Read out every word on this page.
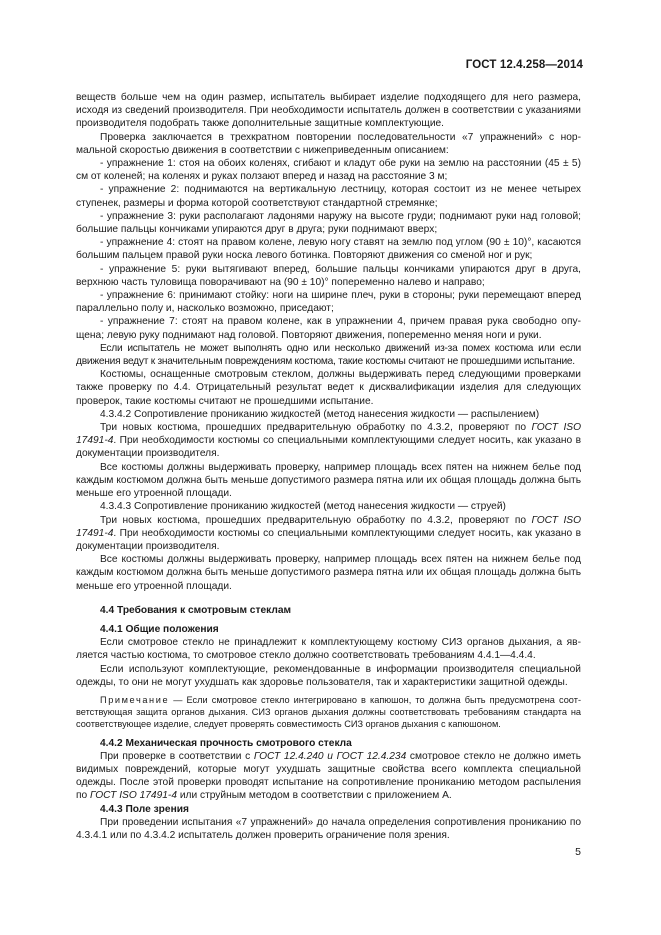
ГОСТ 12.4.258—2014

веществ больше чем на один размер, испытатель выбирает изделие подходящего для него размера, исходя из сведений производителя. При необходимости испытатель должен в соответствии с указаниями производителя подобрать также дополнительные защитные комплектующие.

Проверка заключается в трехкратном повторении последовательности «7 упражнений» с нормальной скоростью движения в соответствии с нижеприведенным описанием:

- упражнение 1: стоя на обоих коленях, сгибают и кладут обе руки на землю на расстоянии (45 ± 5) см от коленей; на коленях и руках ползают вперед и назад на расстояние 3 м;

- упражнение 2: поднимаются на вертикальную лестницу, которая состоит из не менее четырех ступенек, размеры и форма которой соответствуют стандартной стремянке;

- упражнение 3: руки располагают ладонями наружу на высоте груди; поднимают руки над головой; большие пальцы кончиками упираются друг в друга; руки поднимают вверх;

- упражнение 4: стоят на правом колене, левую ногу ставят на землю под углом (90 ± 10)°, касаются большим пальцем правой руки носка левого ботинка. Повторяют движения со сменой ног и рук;

- упражнение 5: руки вытягивают вперед, большие пальцы кончиками упираются друг в друга, верхнюю часть туловища поворачивают на (90 ± 10)° попеременно налево и направо;

- упражнение 6: принимают стойку: ноги на ширине плеч, руки в стороны; руки перемещают вперед параллельно полу и, насколько возможно, приседают;

- упражнение 7: стоят на правом колене, как в упражнении 4, причем правая рука свободно опущена; левую руку поднимают над головой. Повторяют движения, попеременно меняя ноги и руки.

Если испытатель не может выполнять одно или несколько движений из-за помех костюма или если движения ведут к значительным повреждениям костюма, такие костюмы считают не прошедшими испытание.

Костюмы, оснащенные смотровым стеклом, должны выдерживать перед следующими проверками также проверку по 4.4. Отрицательный результат ведет к дисквалификации изделия для следующих проверок, такие костюмы считают не прошедшими испытание.

4.3.4.2 Сопротивление прониканию жидкостей (метод нанесения жидкости — распылением)

Три новых костюма, прошедших предварительную обработку по 4.3.2, проверяют по ГОСТ ISO 17491-4. При необходимости костюмы со специальными комплектующими следует носить, как указано в документации производителя.

Все костюмы должны выдерживать проверку, например площадь всех пятен на нижнем белье под каждым костюмом должна быть меньше допустимого размера пятна или их общая площадь должна быть меньше его утроенной площади.

4.3.4.3 Сопротивление прониканию жидкостей (метод нанесения жидкости — струей)

Три новых костюма, прошедших предварительную обработку по 4.3.2, проверяют по ГОСТ ISO 17491-4. При необходимости костюмы со специальными комплектующими следует носить, как указано в документации производителя.

Все костюмы должны выдерживать проверку, например площадь всех пятен на нижнем белье под каждым костюмом должна быть меньше допустимого размера пятна или их общая площадь должна быть меньше его утроенной площади.

4.4 Требования к смотровым стеклам

4.4.1 Общие положения

Если смотровое стекло не принадлежит к комплектующему костюму СИЗ органов дыхания, а является частью костюма, то смотровое стекло должно соответствовать требованиям 4.4.1—4.4.4.

Если используют комплектующие, рекомендованные в информации производителя специальной одежды, то они не могут ухудшать как здоровье пользователя, так и характеристики защитной одежды.

Примечание — Если смотровое стекло интегрировано в капюшон, то должна быть предусмотрена соответствующая защита органов дыхания. СИЗ органов дыхания должны соответствовать требованиям стандарта на соответствующее изделие, следует проверять совместимость СИЗ органов дыхания с капюшоном.

4.4.2 Механическая прочность смотрового стекла

При проверке в соответствии с ГОСТ 12.4.240 и ГОСТ 12.4.234 смотровое стекло не должно иметь видимых повреждений, которые могут ухудшать защитные свойства всего комплекта специальной одежды. После этой проверки проводят испытание на сопротивление прониканию методом распыления по ГОСТ ISO 17491-4 или струйным методом в соответствии с приложением А.

4.4.3 Поле зрения

При проведении испытания «7 упражнений» до начала определения сопротивления прониканию по 4.3.4.1 или по 4.3.4.2 испытатель должен проверить ограничение поля зрения.

5
